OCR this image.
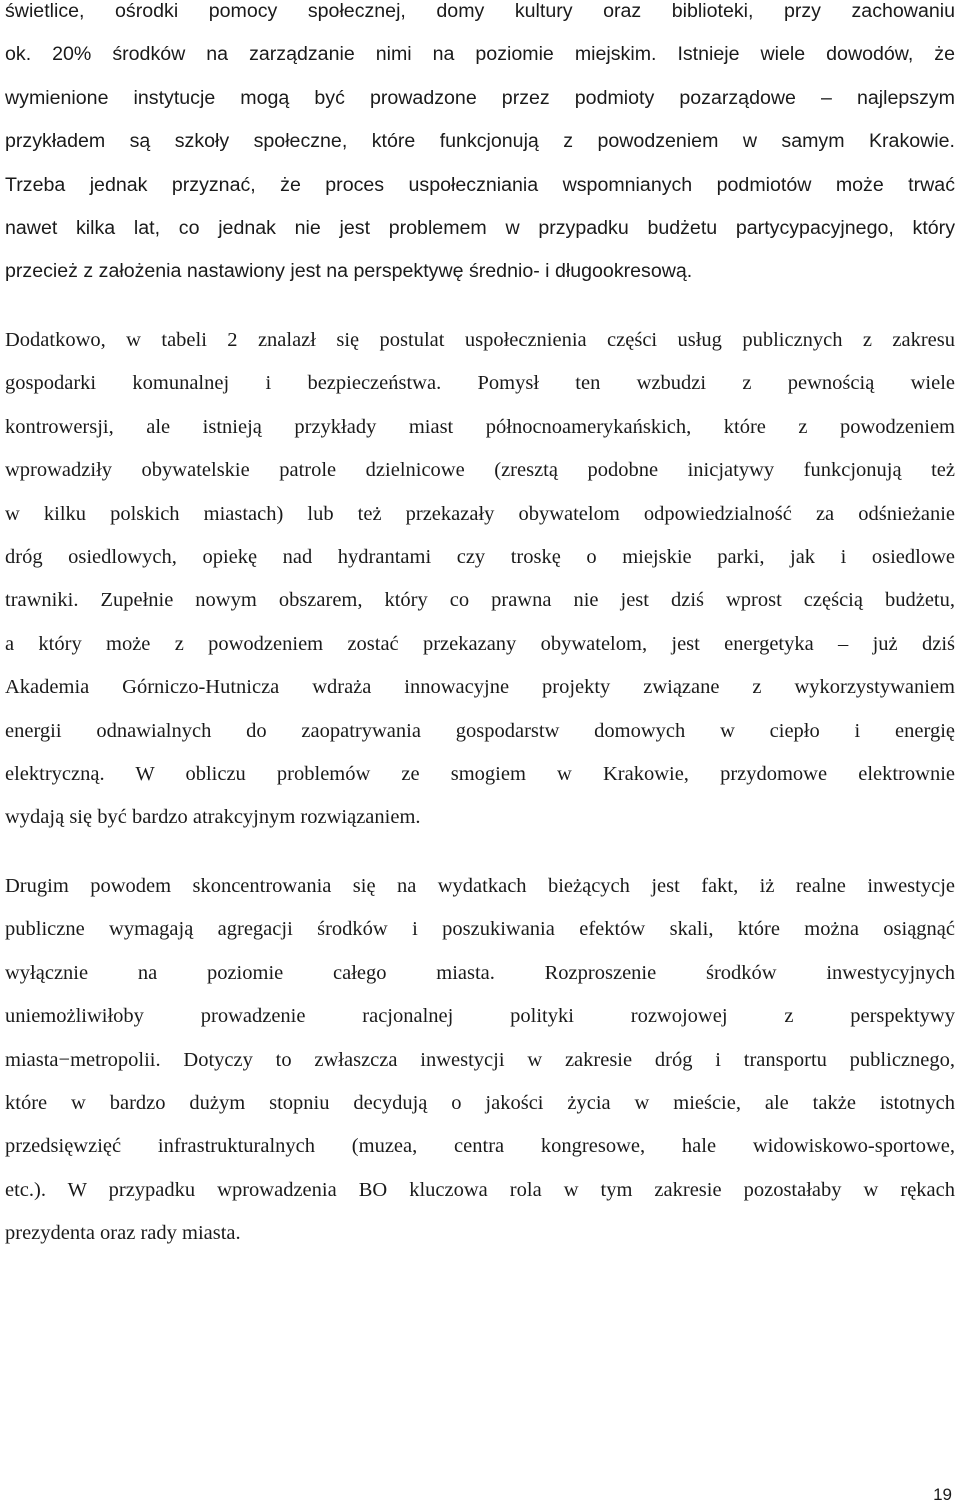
świetlice, ośrodki pomocy społecznej, domy kultury oraz biblioteki, przy zachowaniu
ok. 20% środków na zarządzanie nimi na poziomie miejskim. Istnieje wiele dowodów, że
wymienione instytucje mogą być prowadzone przez podmioty pozarządowe – najlepszym
przykładem są szkoły społeczne, które funkcjonują z powodzeniem w samym Krakowie.
Trzeba jednak przyznać, że proces uspołeczniania wspomnianych podmiotów może trwać
nawet kilka lat, co jednak nie jest problemem w przypadku budżetu partycypacyjnego, który
przecież z założenia nastawiony jest na perspektywę średnio- i długookresową.
Dodatkowo, w tabeli 2 znalazł się postulat uspołecznienia części usług publicznych z zakresu
gospodarki komunalnej i bezpieczeństwa. Pomysł ten wzbudzi z pewnością wiele
kontrowersji, ale istnieją przykłady miast północnoamerykańskich, które z powodzeniem
wprowadziły obywatelskie patrole dzielnicowe (zresztą podobne inicjatywy funkcjonują też
w kilku polskich miastach) lub też przekazały obywatelom odpowiedzialność za odśnieżanie
dróg osiedlowych, opiekę nad hydrantami czy troskę o miejskie parki, jak i osiedlowe
trawniki. Zupełnie nowym obszarem, który co prawna nie jest dziś wprost częścią budżetu,
a który może z powodzeniem zostać przekazany obywatelom, jest energetyka – już dziś
Akademia Górniczo-Hutnicza wdraża innowacyjne projekty związane z wykorzystywaniem
energii odnawialnych do zaopatrywania gospodarstw domowych w ciepło i energię
elektryczną. W obliczu problemów ze smogiem w Krakowie, przydomowe elektrownie
wydają się być bardzo atrakcyjnym rozwiązaniem.
Drugim powodem skoncentrowania się na wydatkach bieżących jest fakt, iż realne inwestycje
publiczne wymagają agregacji środków i poszukiwania efektów skali, które można osiągnąć
wyłącznie na poziomie całego miasta. Rozproszenie środków inwestycyjnych
uniemożliwiłoby prowadzenie racjonalnej polityki rozwojowej z perspektywy
miasta−metropolii. Dotyczy to zwłaszcza inwestycji w zakresie dróg i transportu publicznego,
które w bardzo dużym stopniu decydują o jakości życia w mieście, ale także istotnych
przedsięwzięć infrastrukturalnych (muzea, centra kongresowe, hale widowiskowo-sportowe,
etc.). W przypadku wprowadzenia BO kluczowa rola w tym zakresie pozostałaby w rękach
prezydenta oraz rady miasta.
19
